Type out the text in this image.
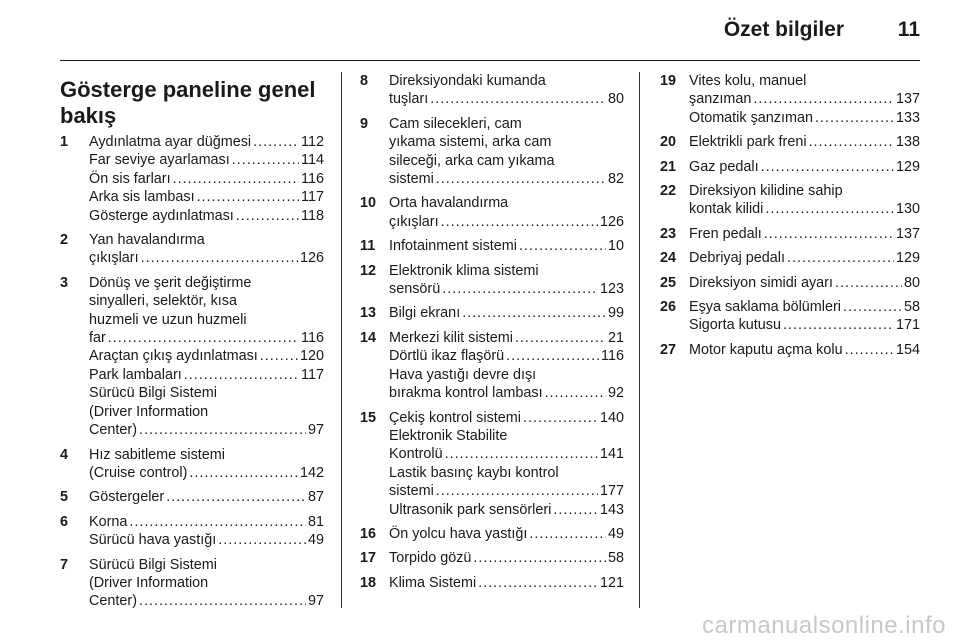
Özet bilgiler	11
Gösterge paneline genel bakış
1	Aydınlatma ayar düğmesi .....	112
Far seviye ayarlaması .....	114
Ön sis farları .....	116
Arka sis lambası .....	117
Gösterge aydınlatması .....	118
2	Yan havalandırma
çıkışları .....	126
3	Dönüş ve şerit değiştirme
sinyalleri, selektör, kısa
huzmeli ve uzun huzmeli
far .....	116
Araçtan çıkış aydınlatması .....	120
Park lambaları .....	117
Sürücü Bilgi Sistemi
(Driver Information
Center) .....	97
4	Hız sabitleme sistemi
(Cruise control) .....	142
5	Göstergeler .....	87
6	Korna .....	81
Sürücü hava yastığı .....	49
7	Sürücü Bilgi Sistemi
(Driver Information
Center) .....	97
8	Direksiyondaki kumanda
tuşları .....	80
9	Cam silecekleri, cam
yıkama sistemi, arka cam
sileceği, arka cam yıkama
sistemi .....	82
10 Orta havalandırma
çıkışları .....	126
11 Infotainment sistemi .....	10
12 Elektronik klima sistemi
sensörü .....	123
13 Bilgi ekranı .....	99
14 Merkezi kilit sistemi .....	21
Dörtlü ikaz flaşörü .....	116
Hava yastığı devre dışı
bırakma kontrol lambası .....	92
15 Çekiş kontrol sistemi .....	140
Elektronik Stabilite
Kontrolü .....	141
Lastik basınç kaybı kontrol
sistemi .....	177
Ultrasonik park sensörleri .....	143
16 Ön yolcu hava yastığı .....	49
17 Torpido gözü .....	58
18 Klima Sistemi .....	121
19 Vites kolu, manuel
şanzıman .....	137
Otomatik şanzıman .....	133
20 Elektrikli park freni .....	138
21 Gaz pedalı .....	129
22 Direksiyon kilidine sahip
kontak kilidi .....	130
23 Fren pedalı .....	137
24 Debriyaj pedalı .....	129
25 Direksiyon simidi ayarı .....	80
26 Eşya saklama bölümleri .....	58
Sigorta kutusu .....	171
27 Motor kaputu açma kolu .....	154
carmanualsonline.info
